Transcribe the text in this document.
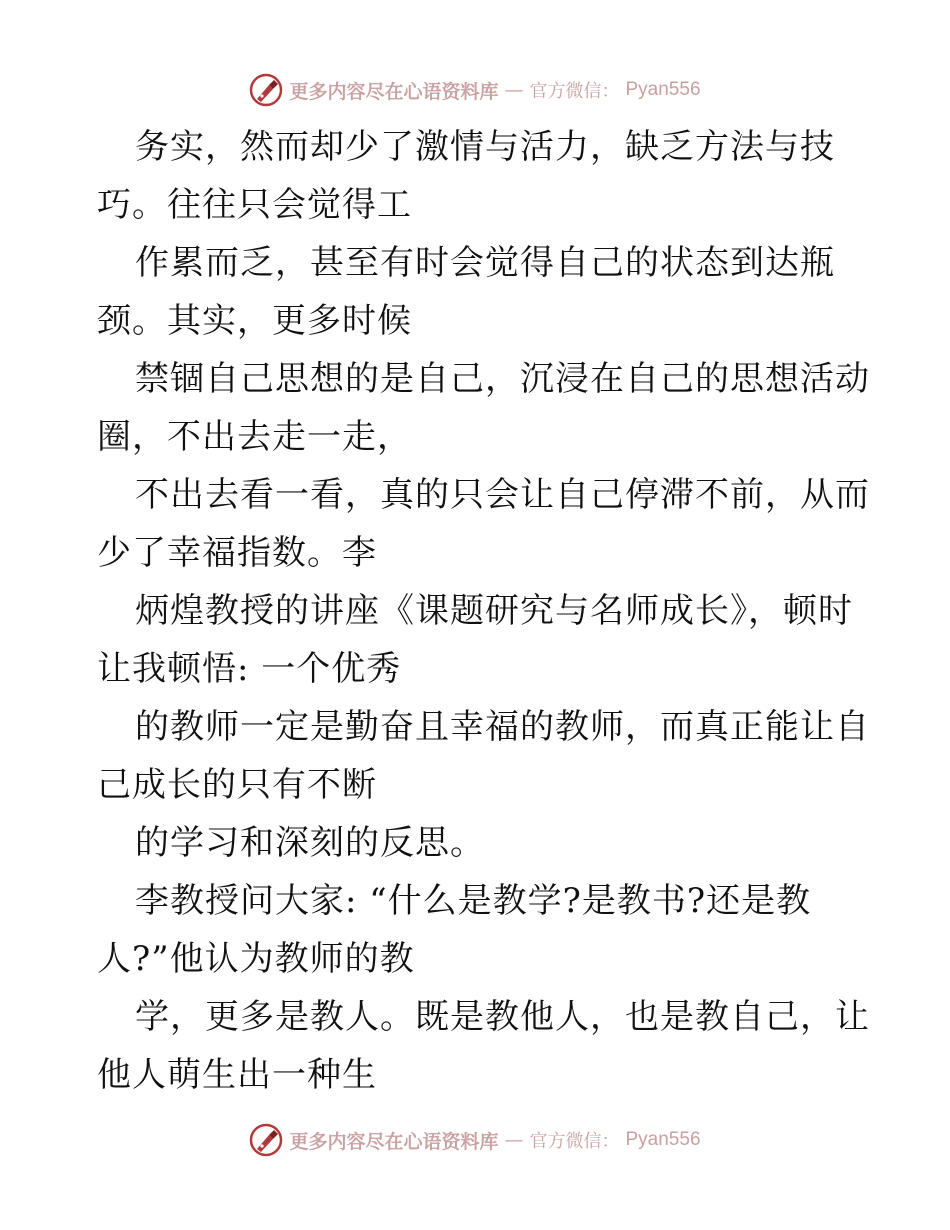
更多内容尽在心语资料库 — 官方微信： Pyan556
务实，然而却少了激情与活力，缺乏方法与技
巧。往往只会觉得工
作累而乏，甚至有时会觉得自己的状态到达瓶
颈。其实，更多时候
禁锢自己思想的是自己，沉浸在自己的思想活动
圈，不出去走一走，
不出去看一看，真的只会让自己停滞不前，从而
少了幸福指数。李
炳煌教授的讲座《课题研究与名师成长》，顿时
让我顿悟: 一个优秀
的教师一定是勤奋且幸福的教师，而真正能让自
己成长的只有不断
的学习和深刻的反思。
李教授问大家: “什么是教学?是教书?还是教
人?”他认为教师的教
学，更多是教人。既是教他人，也是教自己，让
他人萌生出一种生
更多内容尽在心语资料库 — 官方微信： Pyan556
